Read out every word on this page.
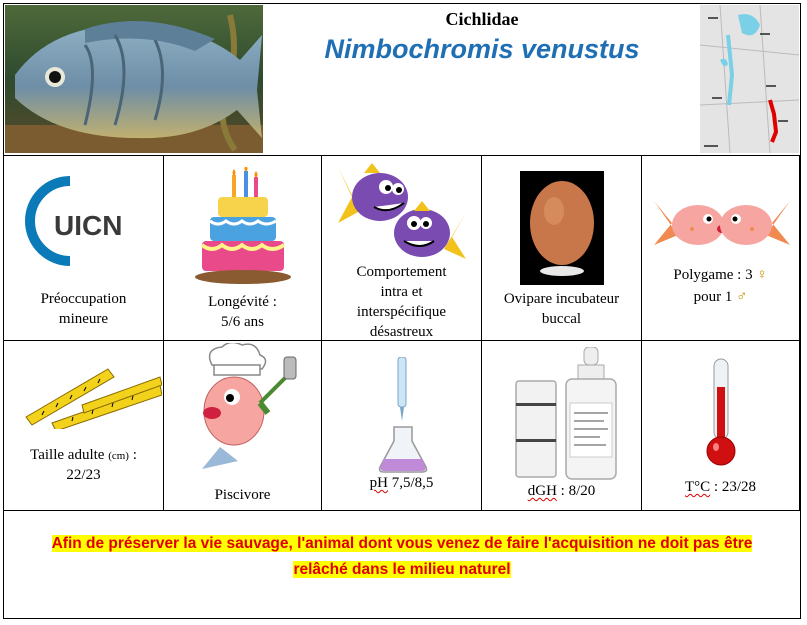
Cichlidae
Nimbochromis venustus
UICN
Préoccupation
mineure
Longévité :
5/6 ans
Comportement
intra et
interspécifique
désastreux
Ovipare incubateur
buccal
Polygame : 3 ♀
pour 1 ♂
Taille adulte (cm) :
22/23
Piscivore
pH 7,5/8,5	dGH : 8/20	T°C : 23/28
Afin de préserver la vie sauvage, l'animal dont vous venez de faire l'acquisition ne doit pas être
relâché dans le milieu naturel
